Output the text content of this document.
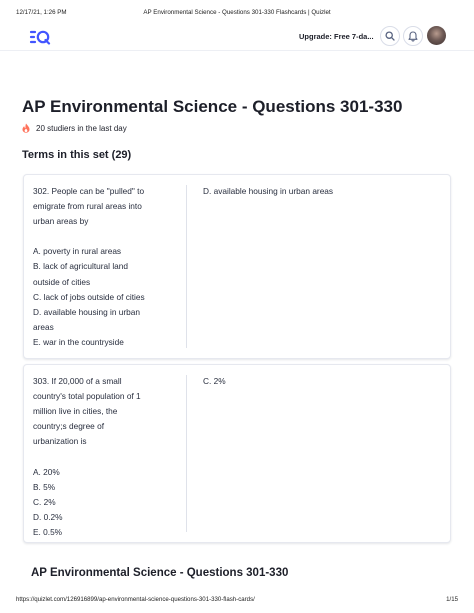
12/17/21, 1:26 PM	AP Environmental Science - Questions 301-330 Flashcards | Quizlet
Upgrade: Free 7-da...
AP Environmental Science - Questions 301-330
20 studiers in the last day
Terms in this set (29)
302. People can be "pulled" to
emigrate from rural areas into
urban areas by
A. poverty in rural areas
B. lack of agricultural land
outside of cities
C. lack of jobs outside of cities
D. available housing in urban
areas
E. war in the countryside
D. available housing in urban areas
303. If 20,000 of a small
country's total population of 1
million live in cities, the
country;s degree of
urbanization is
A. 20%
B. 5%
C. 2%
D. 0.2%
E. 0.5%
C. 2%
AP Environmental Science - Questions 301-330
https://quizlet.com/126916899/ap-environmental-science-questions-301-330-flash-cards/	1/15
